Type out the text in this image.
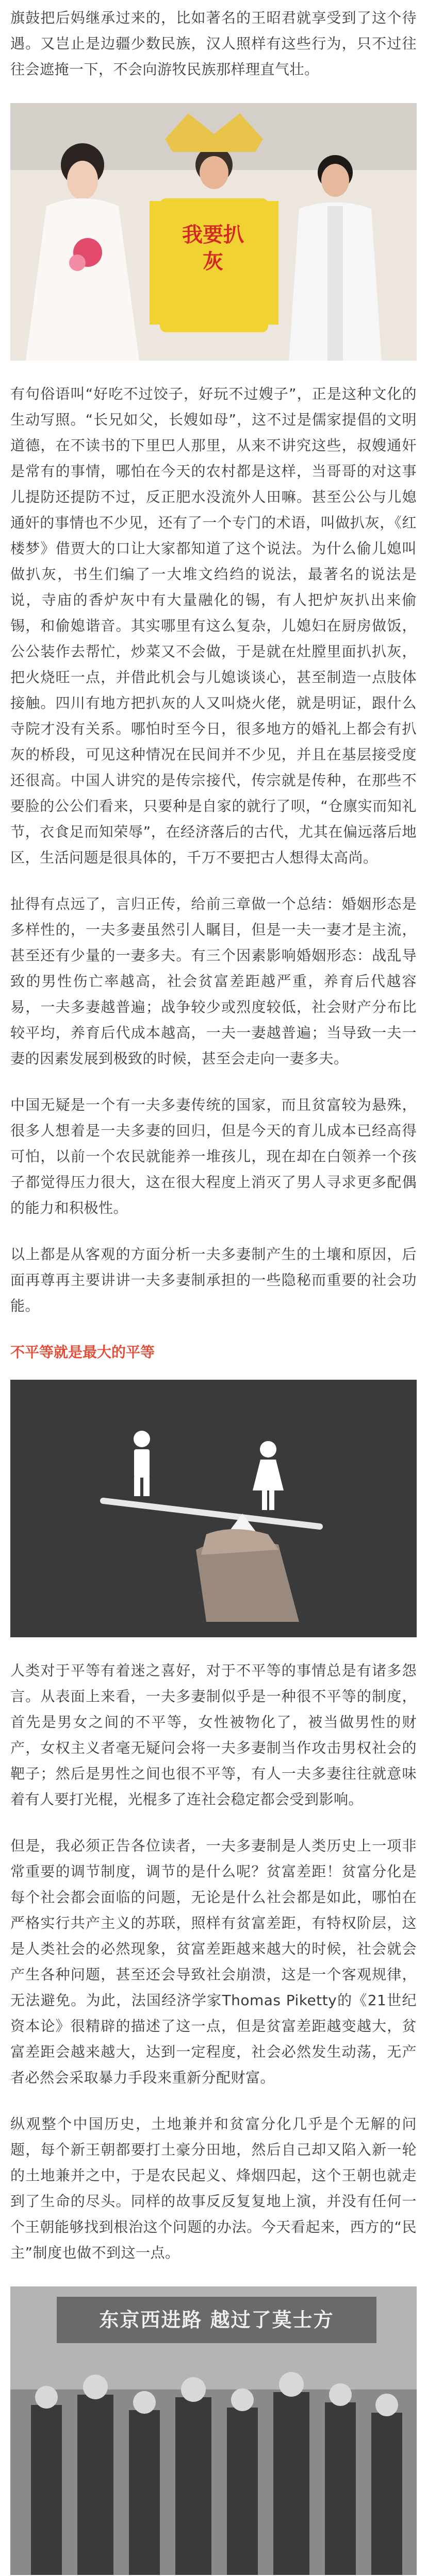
旗鼓把后妈继承过来的，比如著名的王昭君就享受到了这个待遇。又岂止是边疆少数民族，汉人照样有这些行为，只不过往往会遮掩一下，不会向游牧民族那样理直气壮。

我要扒灰

有句俗语叫“好吃不过饺子，好玩不过嫂子”，正是这种文化的生动写照。“长兄如父，长嫂如母”，这不过是儒家提倡的文明道德，在不读书的下里巴人那里，从来不讲究这些，叔嫂通奸是常有的事情，哪怕在今天的农村都是这样，当哥哥的对这事儿提防还提防不过，反正肥水没流外人田嘛。甚至公公与儿媳通奸的事情也不少见，还有了一个专门的术语，叫做扒灰，《红楼梦》借贾大的口让大家都知道了这个说法。为什么偷儿媳叫做扒灰，书生们编了一大堆文绉绉的说法，最著名的说法是说，寺庙的香炉灰中有大量融化的锡，有人把炉灰扒出来偷锡，和偷媳谐音。其实哪里有这么复杂，儿媳妇在厨房做饭，公公装作去帮忙，炒菜又不会做，于是就在灶膛里面扒扒灰，把火烧旺一点，并借此机会与儿媳谈谈心，甚至制造一点肢体接触。四川有地方把扒灰的人又叫烧火佬，就是明证，跟什么寺院才没有关系。哪怕时至今日，很多地方的婚礼上都会有扒灰的桥段，可见这种情况在民间并不少见，并且在基层接受度还很高。中国人讲究的是传宗接代，传宗就是传种，在那些不要脸的公公们看来，只要种是自家的就行了呗，“仓廪实而知礼节，衣食足而知荣辱”，在经济落后的古代，尤其在偏远落后地区，生活问题是很具体的，千万不要把古人想得太高尚。

扯得有点远了，言归正传，给前三章做一个总结：婚姻形态是多样性的，一夫多妻虽然引人瞩目，但是一夫一妻才是主流，甚至还有少量的一妻多夫。有三个因素影响婚姻形态：战乱导致的男性伤亡率越高，社会贫富差距越严重，养育后代越容易，一夫多妻越普遍；战争较少或烈度较低，社会财产分布比较平均，养育后代成本越高，一夫一妻越普遍；当导致一夫一妻的因素发展到极致的时候，甚至会走向一妻多夫。

中国无疑是一个有一夫多妻传统的国家，而且贫富较为悬殊，很多人想着是一夫多妻的回归，但是今天的育儿成本已经高得可怕，以前一个农民就能养一堆孩儿，现在却在白领养一个孩子都觉得压力很大，这在很大程度上消灭了男人寻求更多配偶的能力和积极性。

以上都是从客观的方面分析一夫多妻制产生的土壤和原因，后面再尊再主要讲讲一夫多妻制承担的一些隐秘而重要的社会功能。

不平等就是最大的平等

人类对于平等有着迷之喜好，对于不平等的事情总是有诸多怨言。从表面上来看，一夫多妻制似乎是一种很不平等的制度，首先是男女之间的不平等，女性被物化了，被当做男性的财产，女权主义者毫无疑问会将一夫多妻制当作攻击男权社会的靶子；然后是男性之间也很不平等，有人一夫多妻往往就意味着有人要打光棍，光棍多了连社会稳定都会受到影响。

但是，我必须正告各位读者，一夫多妻制是人类历史上一项非常重要的调节制度，调节的是什么呢？贫富差距！贫富分化是每个社会都会面临的问题，无论是什么社会都是如此，哪怕在严格实行共产主义的苏联，照样有贫富差距，有特权阶层，这是人类社会的必然现象，贫富差距越来越大的时候，社会就会产生各种问题，甚至还会导致社会崩溃，这是一个客观规律，无法避免。为此，法国经济学家Thomas Piketty的《21世纪资本论》很精辟的描述了这一点，但是贫富差距越变越大，贫富差距会越来越大，达到一定程度，社会必然发生动荡，无产者必然会采取暴力手段来重新分配财富。

纵观整个中国历史，土地兼并和贫富分化几乎是个无解的问题，每个新王朝都要打土豪分田地，然后自己却又陷入新一轮的土地兼并之中，于是农民起义、烽烟四起，这个王朝也就走到了生命的尽头。同样的故事反反复复地上演，并没有任何一个王朝能够找到根治这个问题的办法。今天看起来，西方的“民主”制度也做不到这一点。

东京西进路 越过了莫士方
